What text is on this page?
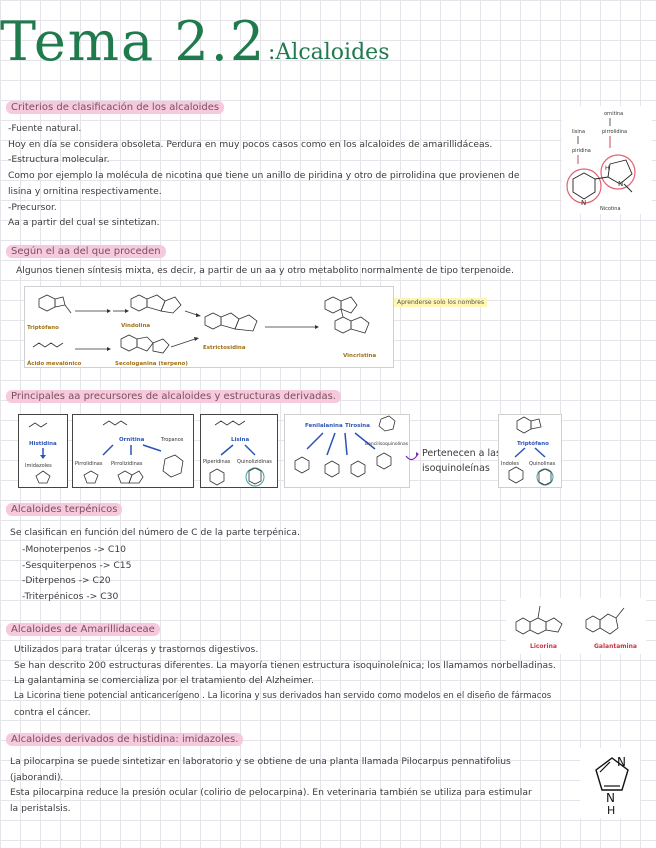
Tema 2.2 :Alcaloides
Criterios de clasificación de los alcaloides
-Fuente natural.
Hoy en día se considera obsoleta. Perdura en muy pocos casos como en los alcaloides de amarillidáceas.
-Estructura molecular.
Como por ejemplo la molécula de nicotina que tiene un anillo de piridina y otro de pirrolidina que provienen de
lisina y ornitina respectivamente.
-Precursor.
Aa a partir del cual se sintetizan.
ornitina
pirrolidina
lisina
piridina
N
H
N
Nicotina
Según el aa del que proceden
Algunos tienen síntesis mixta, es decir, a partir de un aa y otro metabolito normalmente de tipo terpenoide.
Triptófano	Vindolina
Ácido mevalónico	Secologanina (terpeno)
Estrictosidina
Vincristina
Aprenderse solo los nombres
Principales aa precursores de alcaloides y estructuras derivadas.
Histidina
Imidazoles
Ornitina	Tropanos
Pirrolidinas Pirrolizidinas
Lisina
Piperidinas Quinolizidinas
Fenilalanina Tirosina
Bencilisoquinolinas
Pertenecen a las
isoquinoleínas
Triptófano
Indoles Quinolinas
Alcaloides terpénicos
Se clasifican en función del número de C de la parte terpénica.
-Monoterpenos -> C10
-Sesquiterpenos -> C15
-Diterpenos -> C20
-Triterpénicos -> C30
Alcaloides de Amarillidaceae
Licorina	Galantamina
Utilizados para tratar úlceras y trastornos digestivos.
Se han descrito 200 estructuras diferentes. La mayoría tienen estructura isoquinoleínica; los llamamos norbelladinas.
La galantamina se comercializa por el tratamiento del Alzheimer.
La Licorina tiene potencial anticancerígeno . La licorina y sus derivados han servido como modelos en el diseño de fármacos
contra el cáncer.
Alcaloides derivados de histidina: imidazoles.
La pilocarpina se puede sintetizar en laboratorio y se obtiene de una planta llamada Pilocarpus pennatifolius
(jaborandi).
Esta pilocarpina reduce la presión ocular (colirio de pelocarpina). En veterinaria también se utiliza para estimular
la peristalsis.
N
N
H
